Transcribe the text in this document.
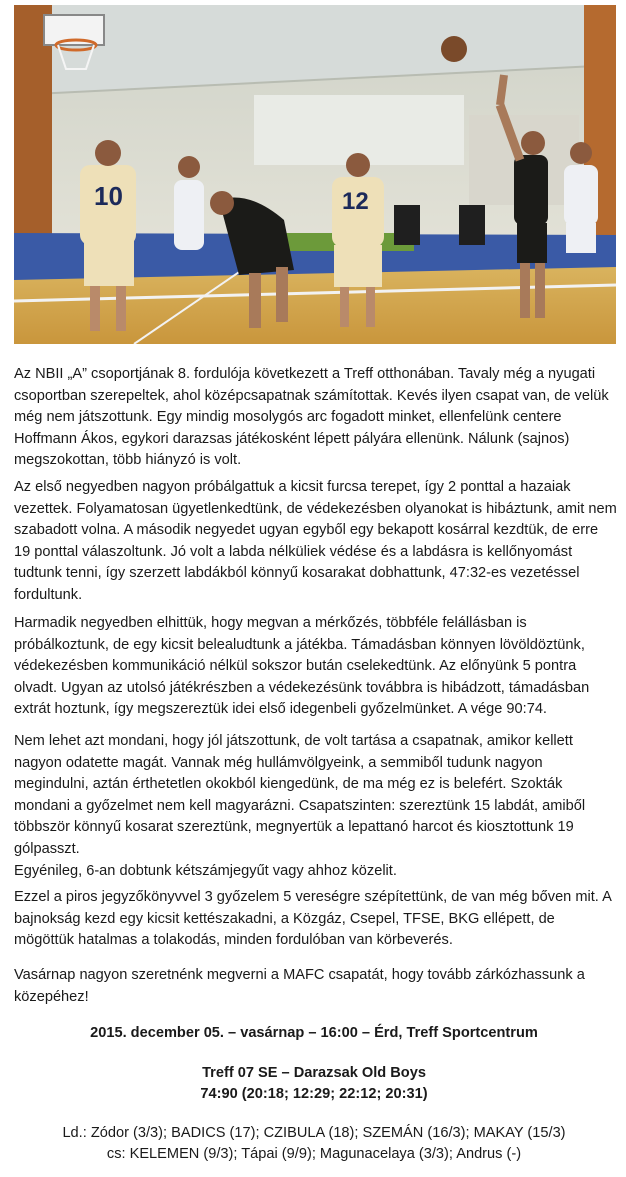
10	12

Az NBII „A” csoportjának 8. fordulója következett a Treff otthonában. Tavaly még a nyugati csoportban szerepeltek, ahol középcsapatnak számítottak. Kevés ilyen csapat van, de velük még nem játszottunk. Egy mindig mosolygós arc fogadott minket, ellenfelünk centere Hoffmann Ákos, egykori darazsas játékosként lépett pályára ellenünk. Nálunk (sajnos) megszokottan, több hiányzó is volt.

Az első negyedben nagyon próbálgattuk a kicsit furcsa terepet, így 2 ponttal a hazaiak vezettek. Folyamatosan ügyetlenkedtünk, de védekezésben olyanokat is hibáztunk, amit nem szabadott volna. A második negyedet ugyan egyből egy bekapott kosárral kezdtük, de erre 19 ponttal válaszoltunk. Jó volt a labda nélküliek védése és a labdásra is kellőnyomást tudtunk tenni, így szerzett labdákból könnyű kosarakat dobhattunk, 47:32-es vezetéssel fordultunk.

Harmadik negyedben elhittük, hogy megvan a mérkőzés, többféle felállásban is próbálkoztunk, de egy kicsit belealudtunk a játékba. Támadásban könnyen lövöldöztünk, védekezésben kommunikáció nélkül sokszor bután cselekedtünk. Az előnyünk 5 pontra olvadt. Ugyan az utolsó játékrészben a védekezésünk továbbra is hibádzott, támadásban extrát hoztunk, így megszereztük idei első idegenbeli győzelmünket. A vége 90:74.

Nem lehet azt mondani, hogy jól játszottunk, de volt tartása a csapatnak, amikor kellett nagyon odatette magát. Vannak még hullámvölgyeink, a semmiből tudunk nagyon megindulni, aztán érthetetlen okokból kiengedünk, de ma még ez is belefért. Szokták mondani a győzelmet nem kell magyarázni. Csapatszinten: szereztünk 15 labdát, amiből többször könnyű kosarat szereztünk, megnyertük a lepattanó harcot és kiosztottunk 19 gólpasszt.
Egyénileg, 6-an dobtunk kétszámjegyűt vagy ahhoz közelit.

Ezzel a piros jegyzőkönyvvel 3 győzelem 5 vereségre szépítettünk, de van még bőven mit. A bajnokság kezd egy kicsit kettészakadni, a Közgáz, Csepel, TFSE, BKG ellépett, de mögöttük hatalmas a tolakodás, minden fordulóban van körbeverés.

Vasárnap nagyon szeretnénk megverni a MAFC csapatát, hogy tovább zárkózhassunk a közepéhez!

2015. december 05. – vasárnap – 16:00 – Érd, Treff Sportcentrum
Treff 07 SE – Darazsak Old Boys
74:90 (20:18; 12:29; 22:12; 20:31)
Ld.: Zódor (3/3); BADICS (17); CZIBULA (18); SZEMÁN (16/3); MAKAY (15/3)
cs: KELEMEN (9/3); Tápai (9/9); Magunacelaya (3/3); Andrus (-)
